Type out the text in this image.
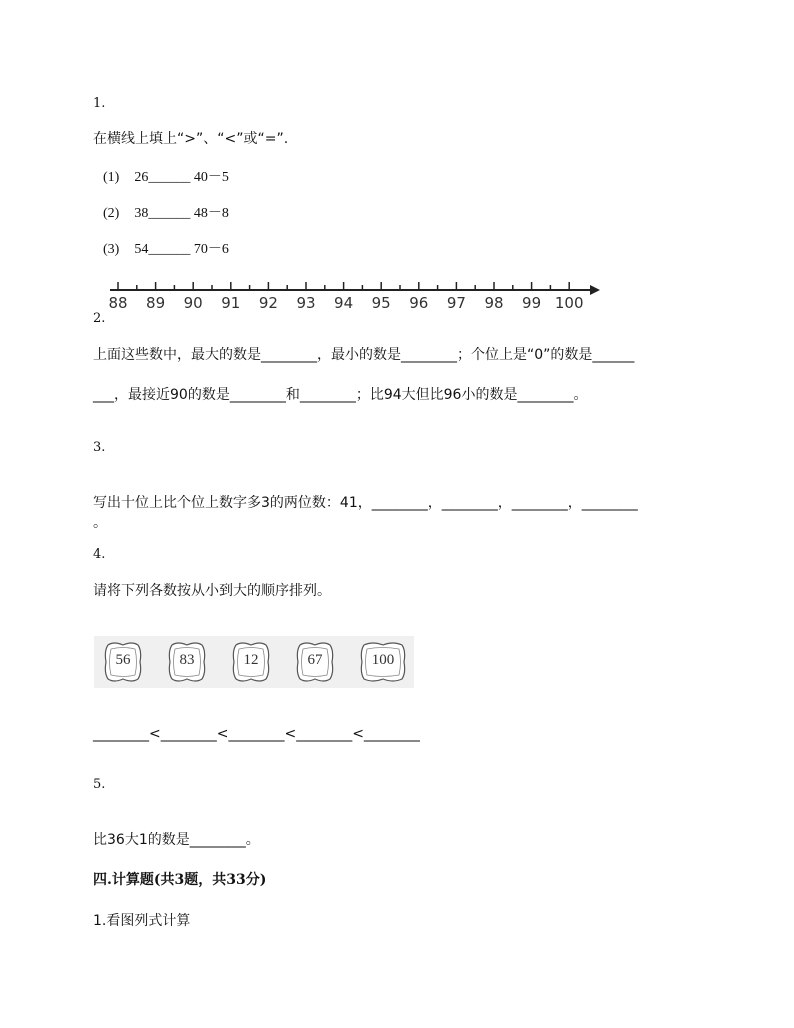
1.
在横线上填上“>”、“<”或“=”.
(1) 26______ 40－5
(2) 38______ 48－8
(3) 54______ 70－6
88 89 90 91 92 93 94 95 96 97 98 99 100
2.
上面这些数中，最大的数是________，最小的数是________；个位上是“0”的数是______
___，最接近90的数是________和________；比94大但比96小的数是________。
3.
写出十位上比个位上数字多3的两位数：41，________，________，________，________
。
4.
请将下列各数按从小到大的顺序排列。
56	83	12	67	100
________<________<________<________<________
5.
比36大1的数是________。
四.计算题(共3题，共33分)
1.看图列式计算
